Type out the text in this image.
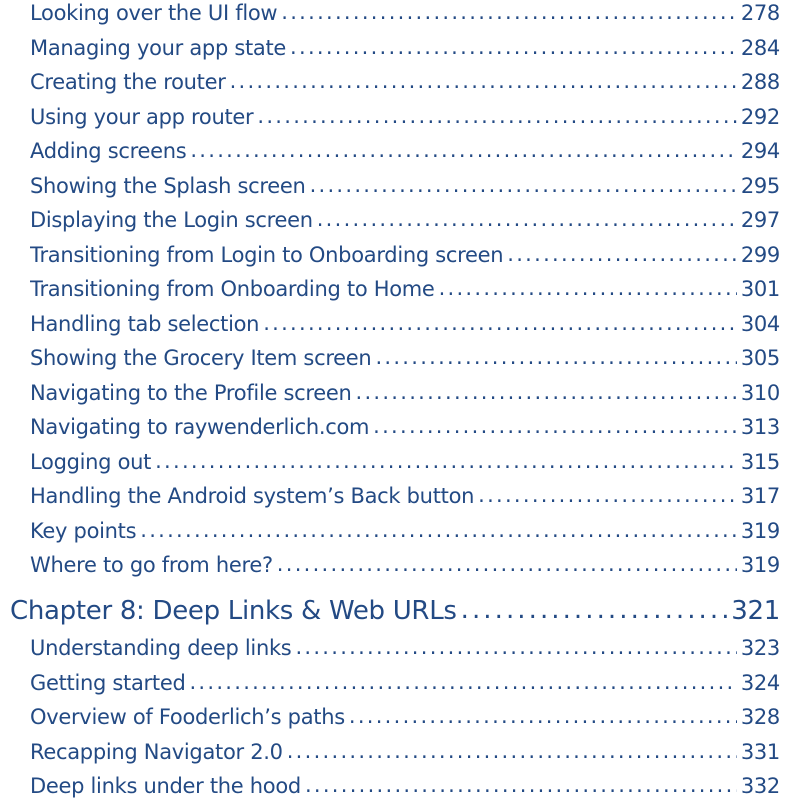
Looking over the UI flow . . .	278
Managing your app state . . .	284
Creating the router . . .	288
Using your app router . . .	292
Adding screens . . .	294
Showing the Splash screen . . .	295
Displaying the Login screen . . .	297
Transitioning from Login to Onboarding screen . . .	299
Transitioning from Onboarding to Home . . .	301
Handling tab selection . . .	304
Showing the Grocery Item screen . . .	305
Navigating to the Profile screen . . .	310
Navigating to raywenderlich.com . . .	313
Logging out . . .	315
Handling the Android system’s Back button . . .	317
Key points . . .	319
Where to go from here? . . .	319
Chapter 8: Deep Links & Web URLs . . .	321
Understanding deep links . . .	323
Getting started . . .	324
Overview of Fooderlich’s paths . . .	328
Recapping Navigator 2.0 . . .	331
Deep links under the hood . . .	332
